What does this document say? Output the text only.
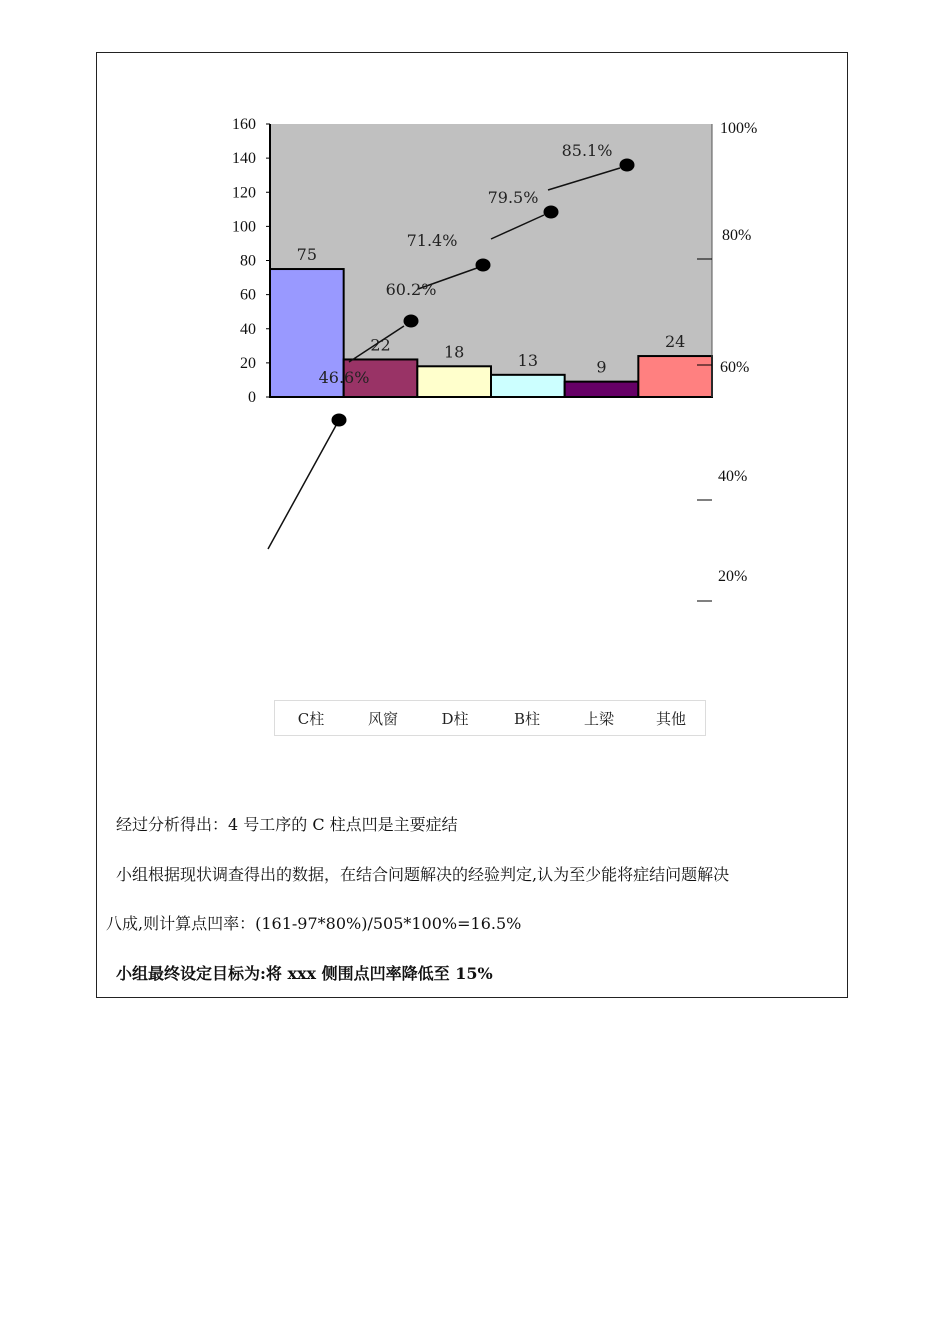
75
22	18	13	9
24
0
20
40
60
80
100
120
140
160
20%
40%
60%
80%
100%
46.6%
60.2%
71.4%
79.5%
85.1%
C柱	风窗	D柱	B柱	上梁	其他
经过分析得出：4 号工序的 C 柱点凹是主要症结
小组根据现状调查得出的数据，在结合问题解决的经验判定,认为至少能将症结问题解决
八成,则计算点凹率：(161-97*80%)/505*100%=16.5%
小组最终设定目标为:将 xxx 侧围点凹率降低至 15%
